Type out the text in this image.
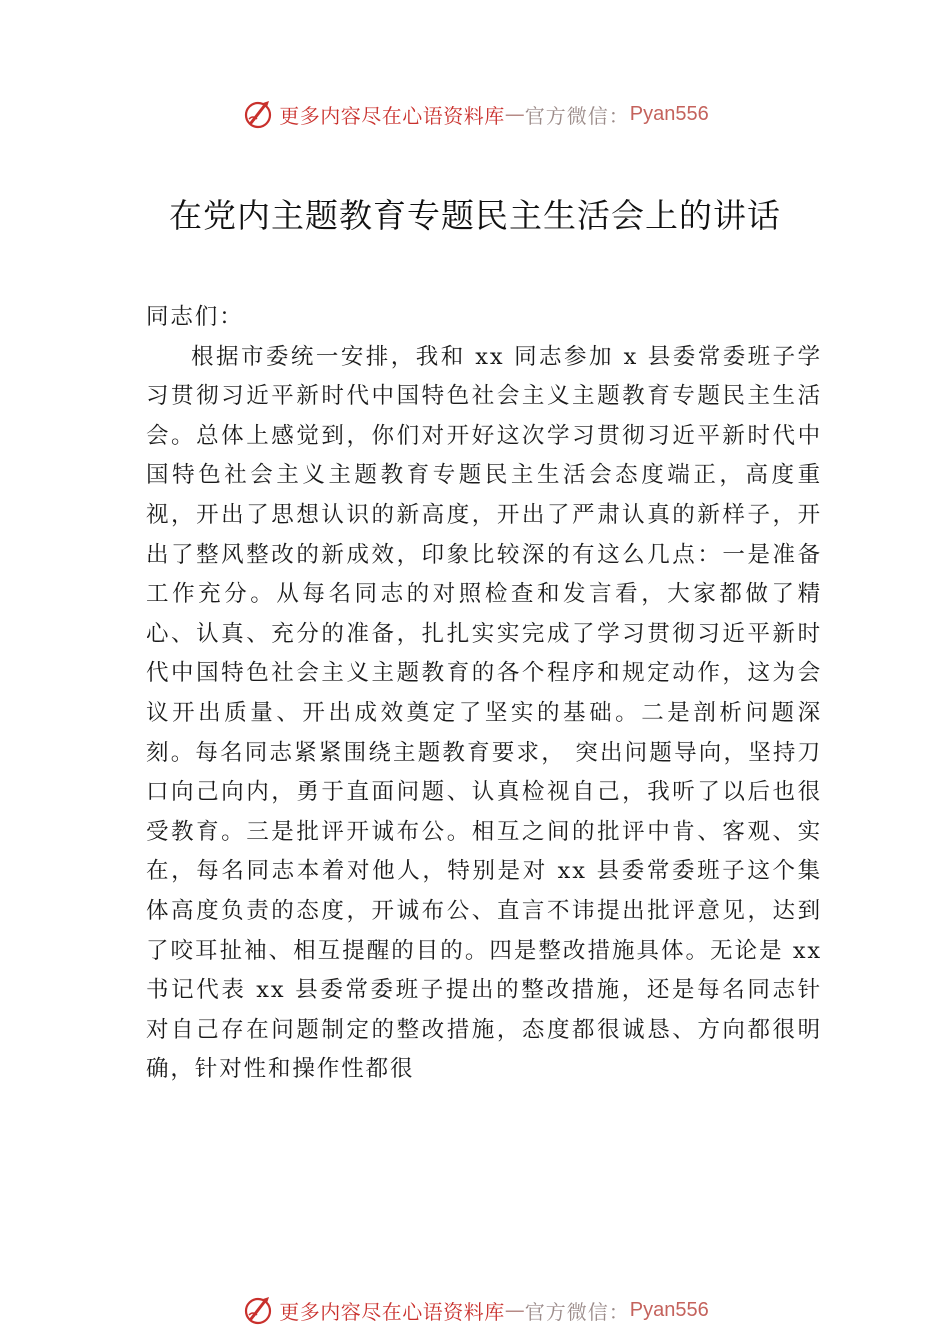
更多内容尽在心语资料库 — 官方微信： Pyan556
在党内主题教育专题民主生活会上的讲话

同志们：

根据市委统一安排，我和 xx 同志参加 x 县委常委班子学习贯彻习近平新时代中国特色社会主义主题教育专题民主生活会。总体上感觉到，你们对开好这次学习贯彻习近平新时代中国特色社会主义主题教育专题民主生活会态度端正，高度重视，开出了思想认识的新高度，开出了严肃认真的新样子，开出了整风整改的新成效，印象比较深的有这么几点：一是准备工作充分。从每名同志的对照检查和发言看，大家都做了精心、认真、充分的准备，扎扎实实完成了学习贯彻习近平新时代中国特色社会主义主题教育的各个程序和规定动作，这为会议开出质量、开出成效奠定了坚实的基础。二是剖析问题深刻。每名同志紧紧围绕主题教育要求， 突出问题导向，坚持刀口向己向内，勇于直面问题、认真检视自己，我听了以后也很受教育。三是批评开诚布公。相互之间的批评中肯、客观、实在，每名同志本着对他人，特别是对 xx 县委常委班子这个集体高度负责的态度，开诚布公、直言不讳提出批评意见，达到了咬耳扯袖、相互提醒的目的。四是整改措施具体。无论是 xx 书记代表 xx 县委常委班子提出的整改措施，还是每名同志针对自己存在问题制定的整改措施，态度都很诚恳、方向都很明确，针对性和操作性都很

更多内容尽在心语资料库 — 官方微信： Pyan556
